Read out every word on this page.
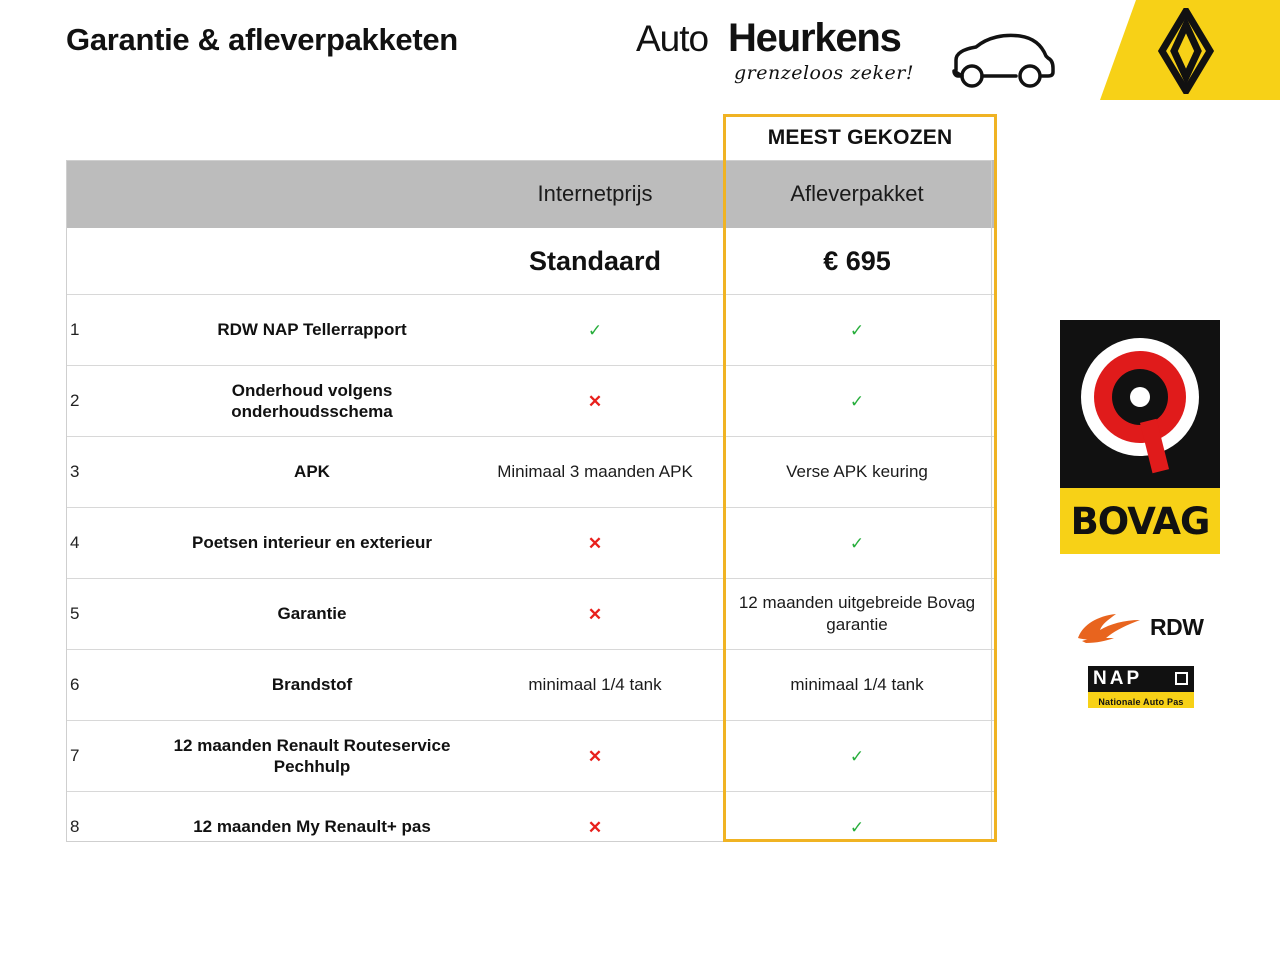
Garantie & afleverpakketen	Auto Heurkens
grenzeloos zeker!
		Internetprijs	Afleverpakket
		Standaard	€ 695
1	RDW NAP Tellerrapport	✓	✓
2	Onderhoud volgens onderhoudsschema	✕	✓
3	APK	Minimaal 3 maanden APK	Verse APK keuring
4	Poetsen interieur en exterieur	✕	✓
5	Garantie	✕	12 maanden uitgebreide Bovag garantie
6	Brandstof	minimaal 1/4 tank	minimaal 1/4 tank
7	12 maanden Renault Routeservice Pechhulp	✕	✓
8	12 maanden My Renault+ pas	✕	✓
MEEST GEKOZEN
BOVAG
RDW
NAP
Nationale Auto Pas
